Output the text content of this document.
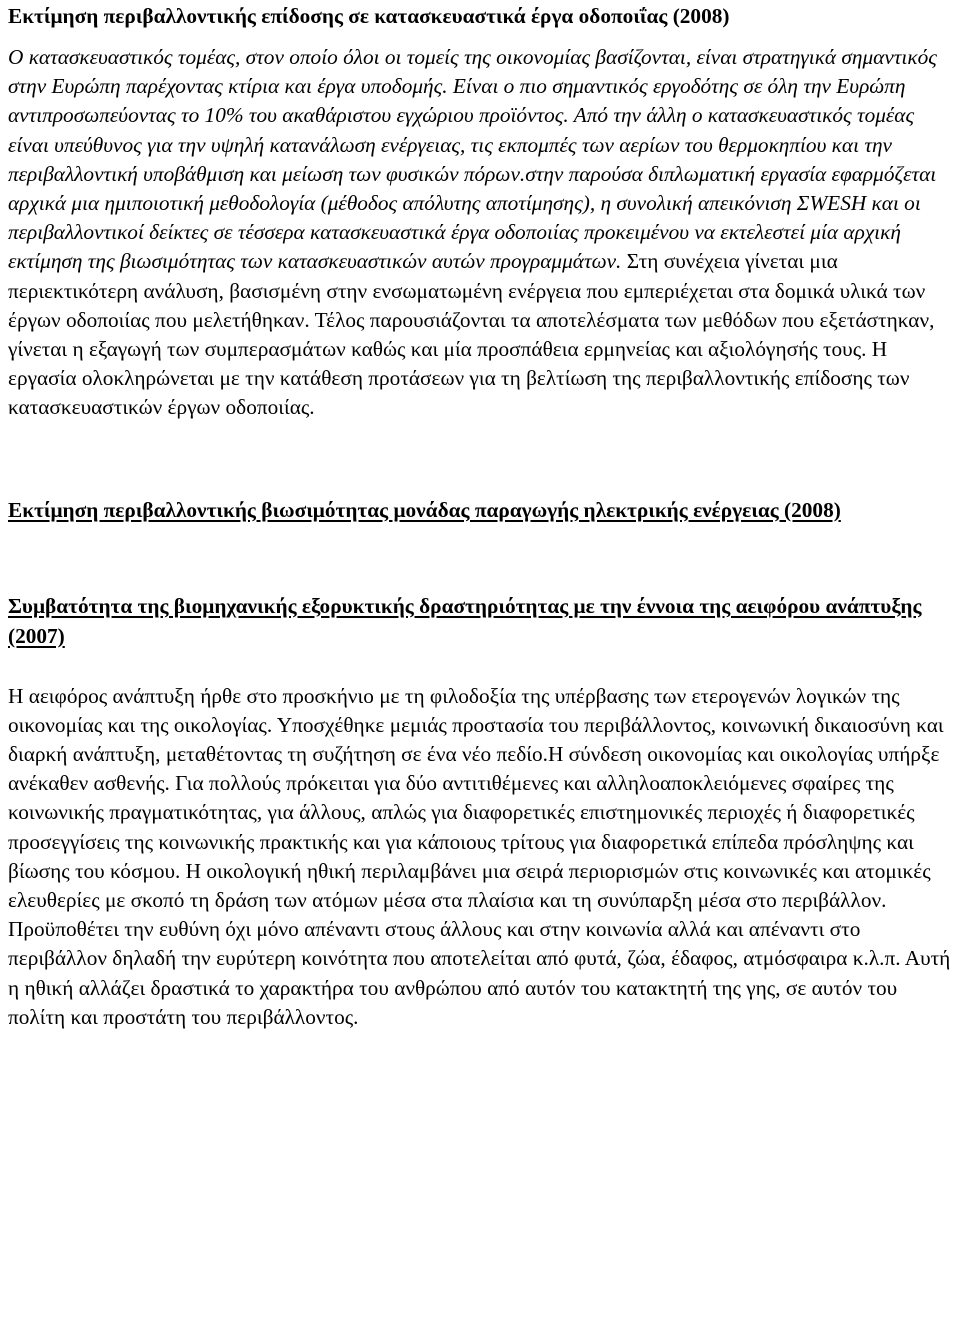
Εκτίμηση περιβαλλοντικής επίδοσης σε κατασκευαστικά έργα οδοποιΐας (2008)

Ο κατασκευαστικός τομέας, στον οποίο όλοι οι τομείς της οικονομίας βασίζονται, είναι στρατηγικά σημαντικός στην Ευρώπη παρέχοντας κτίρια και έργα υποδομής. Είναι ο πιο σημαντικός εργοδότης σε όλη την Ευρώπη αντιπροσωπεύοντας το 10% του ακαθάριστου εγχώριου προϊόντος. Από την άλλη ο κατασκευαστικός τομέας είναι υπεύθυνος για την υψηλή κατανάλωση ενέργειας, τις εκπομπές των αερίων του θερμοκηπίου και την περιβαλλοντική υποβάθμιση και μείωση των φυσικών πόρων.στην παρούσα διπλωματική εργασία εφαρμόζεται αρχικά μια ημιποιοτική μεθοδολογία (μέθοδος απόλυτης αποτίμησης), η συνολική απεικόνιση ΣWESH και οι περιβαλλοντικοί δείκτες σε τέσσερα κατασκευαστικά έργα οδοποιίας προκειμένου να εκτελεστεί μία αρχική εκτίμηση της βιωσιμότητας των κατασκευαστικών αυτών προγραμμάτων. Στη συνέχεια γίνεται μια περιεκτικότερη ανάλυση, βασισμένη στην ενσωματωμένη ενέργεια που εμπεριέχεται στα δομικά υλικά των έργων οδοποιίας που μελετήθηκαν. Τέλος παρουσιάζονται τα αποτελέσματα των μεθόδων που εξετάστηκαν, γίνεται η εξαγωγή των συμπερασμάτων καθώς και μία προσπάθεια ερμηνείας και αξιολόγησής τους. Η εργασία ολοκληρώνεται με την κατάθεση προτάσεων για τη βελτίωση της περιβαλλοντικής επίδοσης των κατασκευαστικών έργων οδοποιίας.

Εκτίμηση περιβαλλοντικής βιωσιμότητας μονάδας παραγωγής ηλεκτρικής ενέργειας (2008)
Συμβατότητα της βιομηχανικής εξορυκτικής δραστηριότητας με την έννοια της αειφόρου ανάπτυξης (2007)

Η αειφόρος ανάπτυξη ήρθε στο προσκήνιο με τη φιλοδοξία της υπέρβασης των ετερογενών λογικών της οικονομίας και της οικολογίας. Υποσχέθηκε μεμιάς προστασία του περιβάλλοντος, κοινωνική δικαιοσύνη και διαρκή ανάπτυξη, μεταθέτοντας τη συζήτηση σε ένα νέο πεδίο.Η σύνδεση οικονομίας και οικολογίας υπήρξε ανέκαθεν ασθενής. Για πολλούς πρόκειται για δύο αντιτιθέμενες και αλληλοαποκλειόμενες σφαίρες της κοινωνικής πραγματικότητας, για άλλους, απλώς για διαφορετικές επιστημονικές περιοχές ή διαφορετικές προσεγγίσεις της κοινωνικής πρακτικής και για κάποιους τρίτους για διαφορετικά επίπεδα πρόσληψης και βίωσης του κόσμου. Η οικολογική ηθική περιλαμβάνει μια σειρά περιορισμών στις κοινωνικές και ατομικές ελευθερίες με σκοπό τη δράση των ατόμων μέσα στα πλαίσια και τη συνύπαρξη μέσα στο περιβάλλον. Προϋποθέτει την ευθύνη όχι μόνο απέναντι στους άλλους και στην κοινωνία αλλά και απέναντι στο περιβάλλον δηλαδή την ευρύτερη κοινότητα που αποτελείται από φυτά, ζώα, έδαφος, ατμόσφαιρα κ.λ.π. Αυτή η ηθική αλλάζει δραστικά το χαρακτήρα του ανθρώπου από αυτόν του κατακτητή της γης, σε αυτόν του πολίτη και προστάτη του περιβάλλοντος.
